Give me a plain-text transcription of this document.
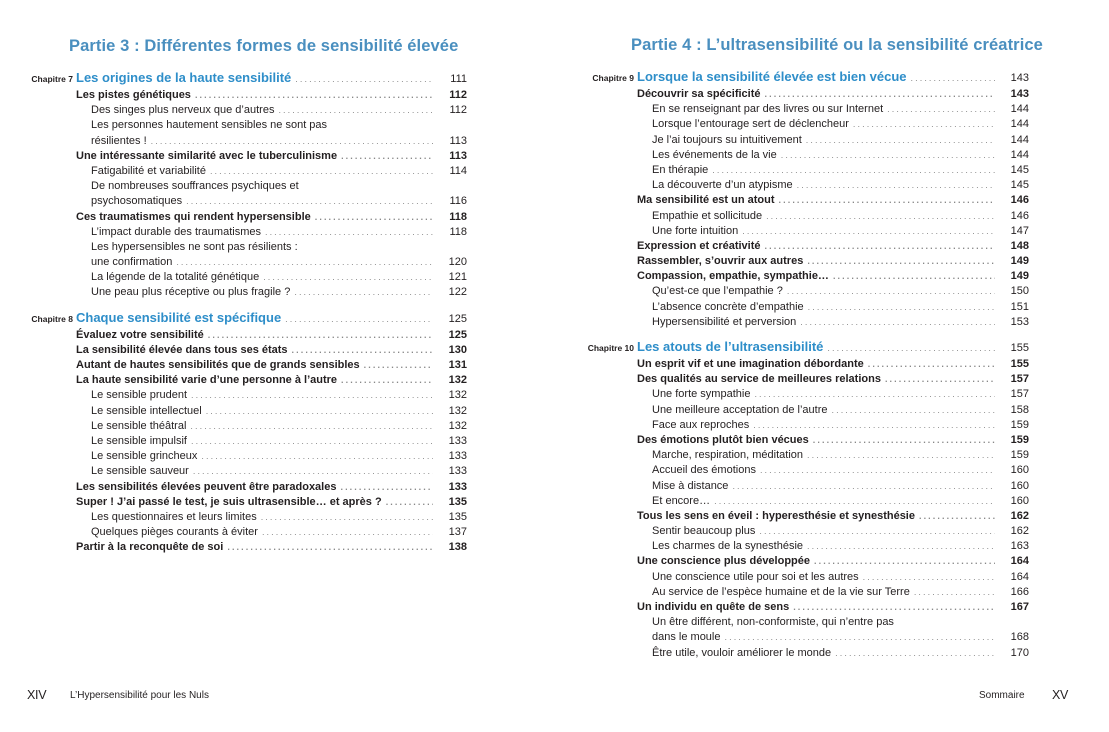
Partie 3 : Différentes formes de sensibilité élevée
Chapitre 7 Les origines de la haute sensibilité . . .	111
Les pistes génétiques . . .	112
Des singes plus nerveux que d’autres . . .	112
Les personnes hautement sensibles ne sont pas
résilientes ! . . .	113
Une intéressante similarité avec le tuberculinisme . . .	113
Fatigabilité et variabilité . . .	114
De nombreuses souffrances psychiques et
psychosomatiques . . .	116
Ces traumatismes qui rendent hypersensible . . .	118
L’impact durable des traumatismes . . .	118
Les hypersensibles ne sont pas résilients :
une confirmation . . .	120
La légende de la totalité génétique . . .	121
Une peau plus réceptive ou plus fragile ? . . .	122
Chapitre 8 Chaque sensibilité est spécifique . . .	125
Évaluez votre sensibilité . . .	125
La sensibilité élevée dans tous ses états . . .	130
Autant de hautes sensibilités que de grands sensibles . . .	131
La haute sensibilité varie d’une personne à l’autre . . .	132
Le sensible prudent . . .	132
Le sensible intellectuel . . .	132
Le sensible théâtral . . .	132
Le sensible impulsif . . .	133
Le sensible grincheux . . .	133
Le sensible sauveur . . .	133
Les sensibilités élevées peuvent être paradoxales . . .	133
Super ! J’ai passé le test, je suis ultrasensible… et après ? . . .	135
Les questionnaires et leurs limites . . .	135
Quelques pièges courants à éviter . . .	137
Partir à la reconquête de soi . . .	138
XIV L’Hypersensibilité pour les Nuls
Partie 4 : L’ultrasensibilité ou la sensibilité créatrice
Chapitre 9 Lorsque la sensibilité élevée est bien vécue . . .	143
Découvrir sa spécificité . . .	143
En se renseignant par des livres ou sur Internet . . .	144
Lorsque l’entourage sert de déclencheur . . .	144
Je l’ai toujours su intuitivement . . .	144
Les événements de la vie . . .	144
En thérapie . . .	145
La découverte d’un atypisme . . .	145
Ma sensibilité est un atout . . .	146
Empathie et sollicitude . . .	146
Une forte intuition . . .	147
Expression et créativité . . .	148
Rassembler, s’ouvrir aux autres . . .	149
Compassion, empathie, sympathie… . . .	149
Qu’est-ce que l’empathie ? . . .	150
L’absence concrète d’empathie . . .	151
Hypersensibilité et perversion . . .	153
Chapitre 10 Les atouts de l’ultrasensibilité . . .	155
Un esprit vif et une imagination débordante . . .	155
Des qualités au service de meilleures relations . . .	157
Une forte sympathie . . .	157
Une meilleure acceptation de l’autre . . .	158
Face aux reproches . . .	159
Des émotions plutôt bien vécues . . .	159
Marche, respiration, méditation . . .	159
Accueil des émotions . . .	160
Mise à distance . . .	160
Et encore… . . .	160
Tous les sens en éveil : hyperesthésie et synesthésie . . .	162
Sentir beaucoup plus . . .	162
Les charmes de la synesthésie . . .	163
Une conscience plus développée . . .	164
Une conscience utile pour soi et les autres . . .	164
Au service de l’espèce humaine et de la vie sur Terre . . .	166
Un individu en quête de sens . . .	167
Un être différent, non-conformiste, qui n’entre pas
dans le moule . . .	168
Être utile, vouloir améliorer le monde . . .	170
Sommaire XV
